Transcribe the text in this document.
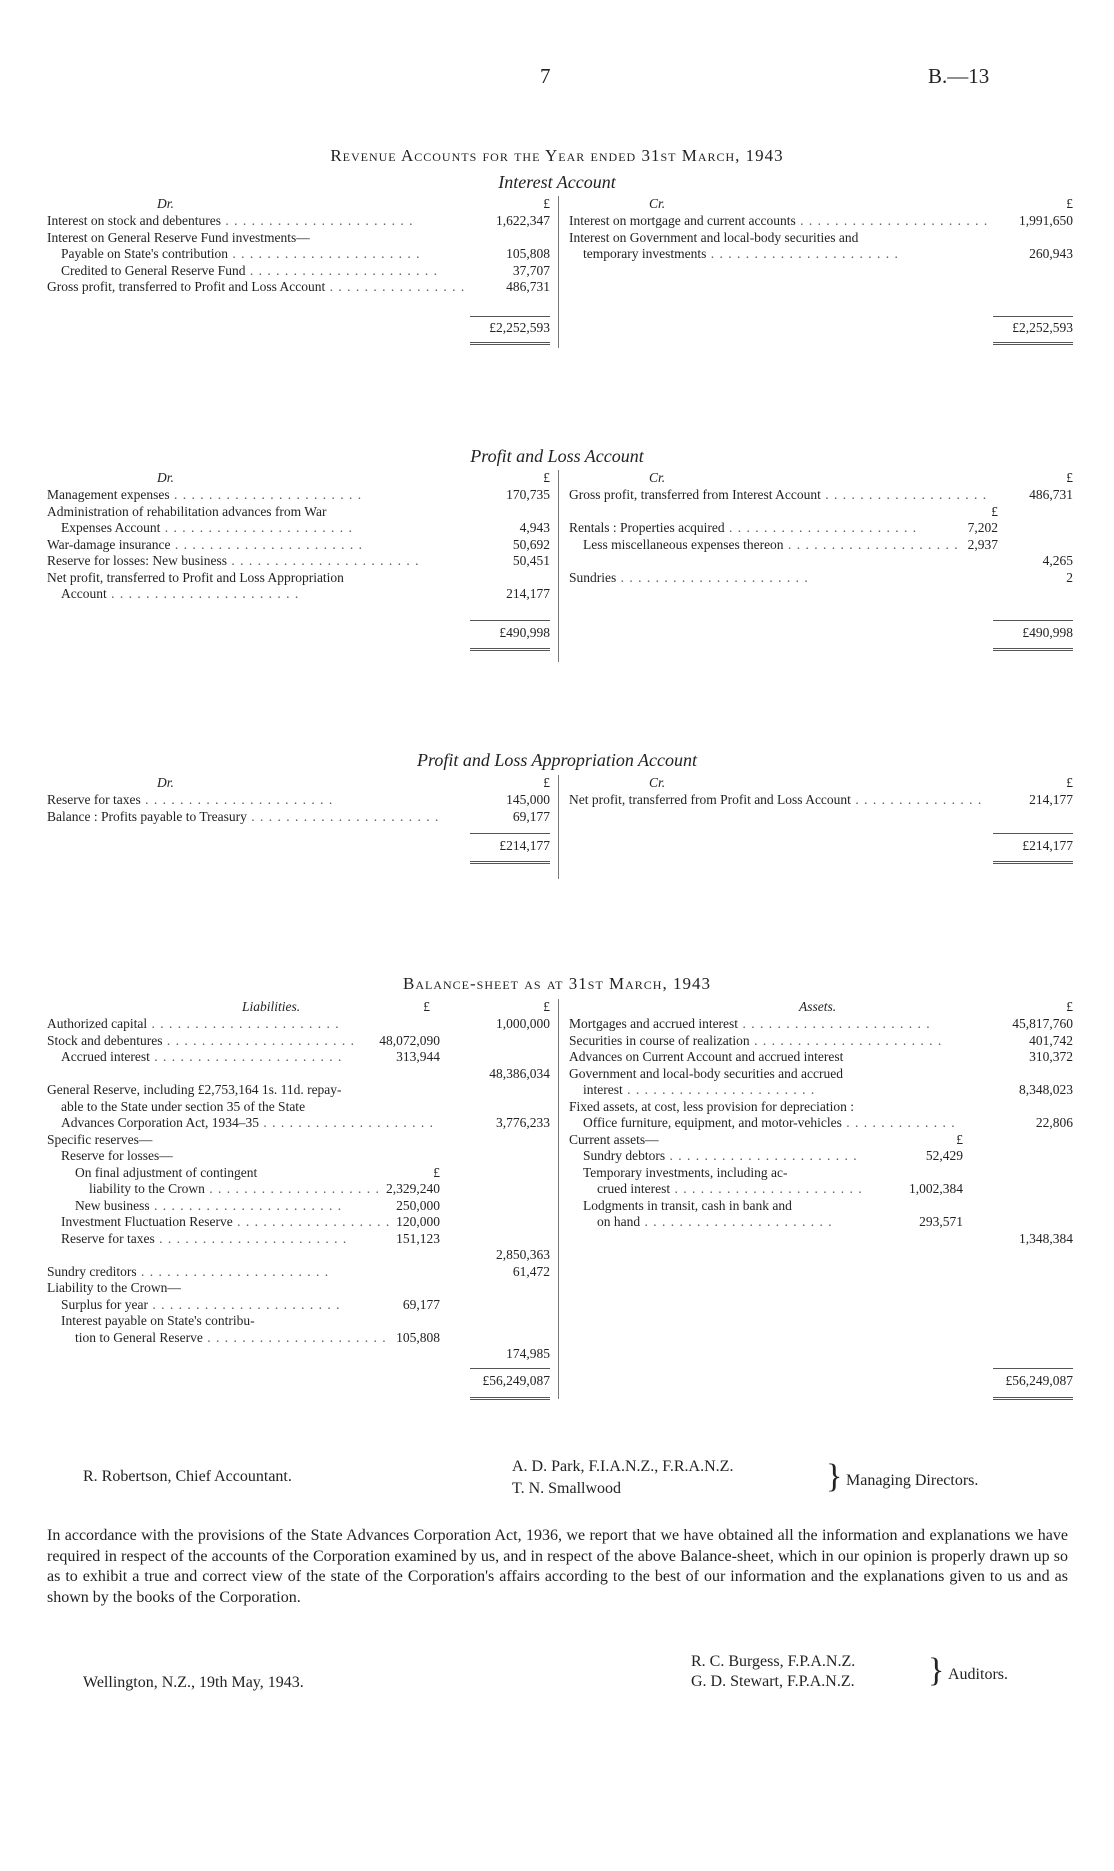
7	B.—13
Revenue Accounts for the Year ended 31st March, 1943
Interest Account
Dr.	£
Interest on stock and debentures . .	1,622,347
Interest on General Reserve Fund investments—
Payable on State's contribution . .	105,808
Credited to General Reserve Fund . .	37,707
Gross profit, transferred to Profit and Loss Account . .	486,731
Cr.	£
Interest on mortgage and current accounts . .	1,991,650
Interest on Government and local-body securities and
temporary investments . .	260,943
£2,252,593	£2,252,593
Profit and Loss Account
Dr.	£
Management expenses . .	170,735
Administration of rehabilitation advances from War
Expenses Account . .	4,943
War-damage insurance . .	50,692
Reserve for losses: New business . .	50,451
Net profit, transferred to Profit and Loss Appropriation
Account . .	214,177
Cr.	£
Gross profit, transferred from Interest Account . .	486,731

£
Rentals : Properties acquired . .	7,202
Less miscellaneous expenses thereon . .	2,937

4,265
Sundries . .	2
£490,998	£490,998
Profit and Loss Appropriation Account
Dr.	£
Reserve for taxes . .	145,000
Balance : Profits payable to Treasury . .	69,177
Cr.	£
Net profit, transferred from Profit and Loss Account . .	214,177
£214,177	£214,177
Balance-sheet as at 31st March, 1943
Liabilities.	£	£
Authorized capital . .	1,000,000
Stock and debentures . .	48,072,090
Accrued interest . .	313,944

48,386,034
General Reserve, including £2,753,164 1s. 11d. repay-
able to the State under section 35 of the State
Advances Corporation Act, 1934–35 . .	3,776,233
Specific reserves—
Reserve for losses—
On final adjustment of contingent	£
liability to the Crown . .	2,329,240
New business . .	250,000
Investment Fluctuation Reserve . .	120,000
Reserve for taxes . .	151,123

2,850,363
Sundry creditors . .	61,472
Liability to the Crown—
Surplus for year . .	69,177
Interest payable on State's contribu-
tion to General Reserve . .	105,808

174,985
Assets.	£
Mortgages and accrued interest . .	45,817,760
Securities in course of realization . .	401,742
Advances on Current Account and accrued interest	310,372
Government and local-body securities and accrued
interest . .	8,348,023
Fixed assets, at cost, less provision for depreciation :
Office furniture, equipment, and motor-vehicles . .	22,806
Current assets—	£
Sundry debtors . .	52,429
Temporary investments, including ac-
crued interest . .	1,002,384
Lodgments in transit, cash in bank and
on hand . .	293,571

1,348,384
£56,249,087	£56,249,087
R. Robertson, Chief Accountant.
A. D. Park, F.I.A.N.Z., F.R.A.N.Z.
T. N. Smallwood	} Managing Directors.
In accordance with the provisions of the State Advances Corporation Act, 1936, we report that we have obtained all the information and explanations we have required in respect of the accounts of the Corporation examined by us, and in respect of the above Balance-sheet, which in our opinion is properly drawn up so as to exhibit a true and correct view of the state of the Corporation's affairs according to the best of our information and the explanations given to us and as shown by the books of the Corporation.
R. C. Burgess, F.P.A.N.Z.
G. D. Stewart, F.P.A.N.Z. } Auditors.
Wellington, N.Z., 19th May, 1943.
